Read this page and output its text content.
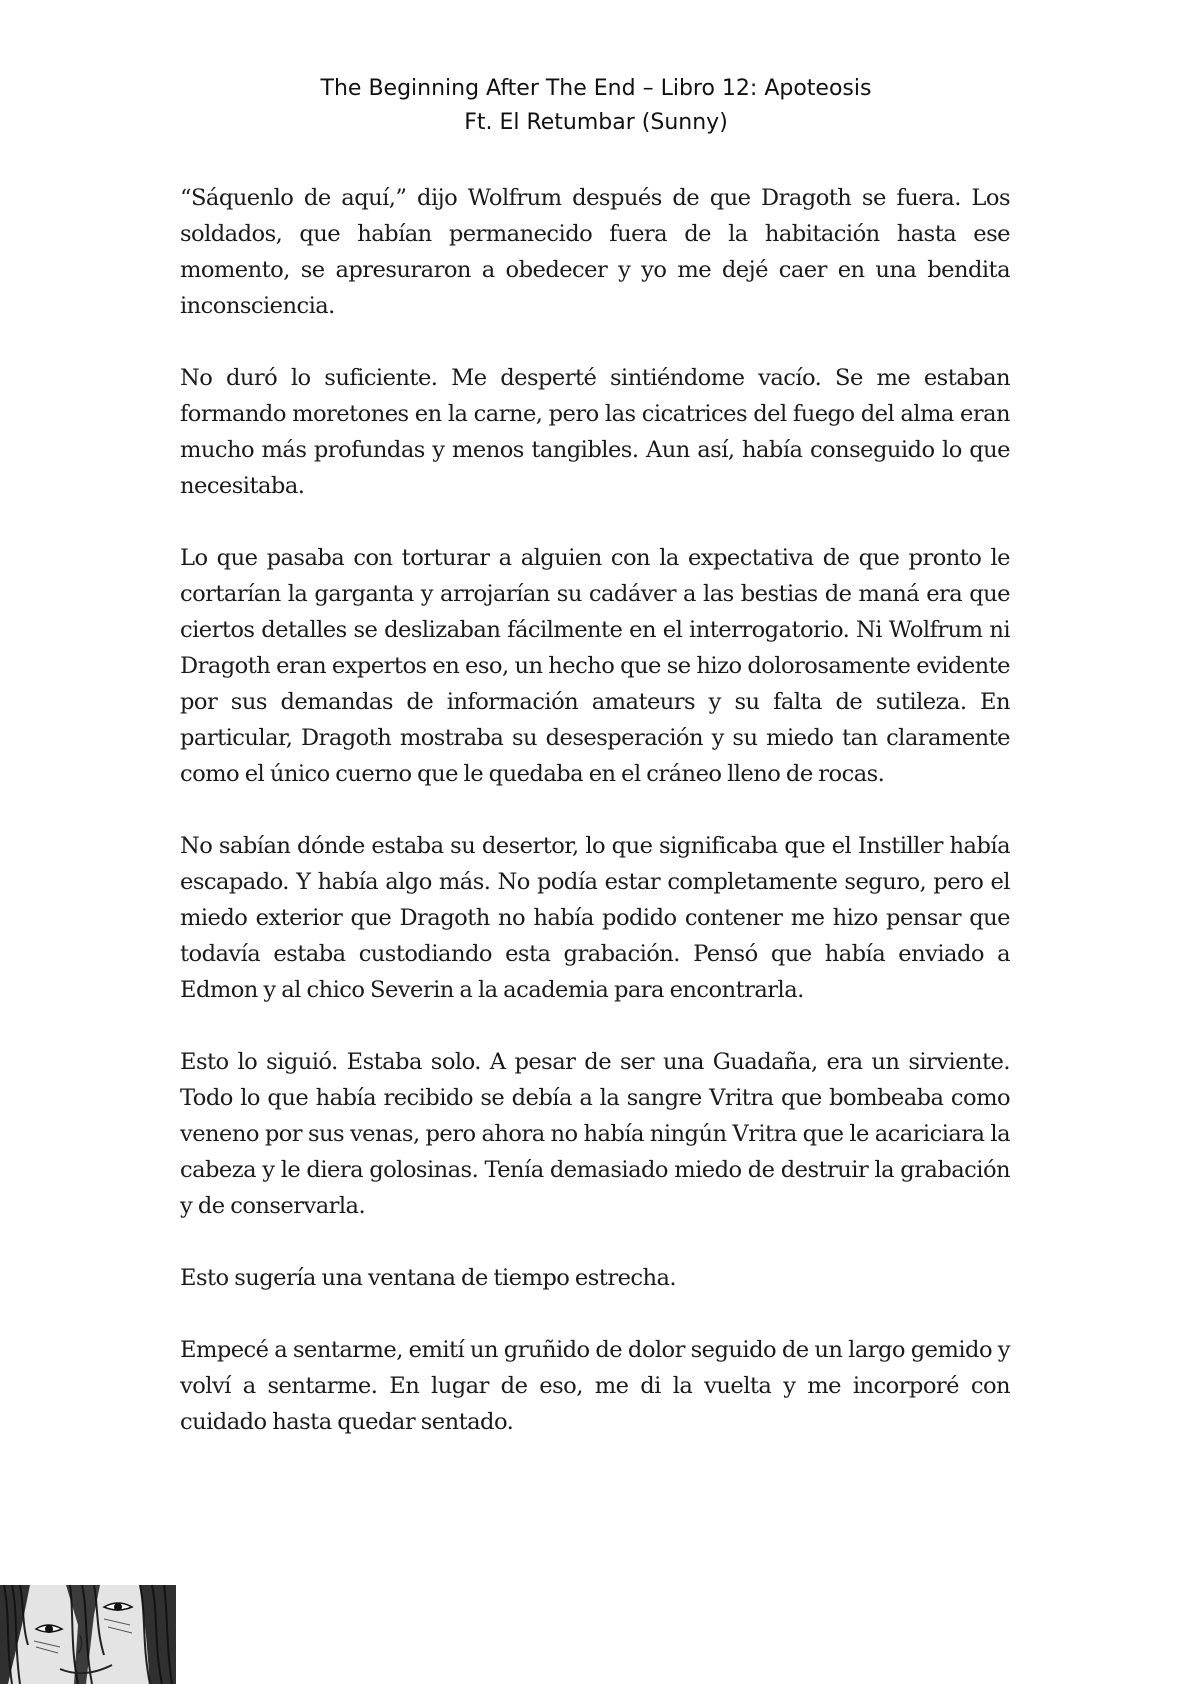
The Beginning After The End – Libro 12: Apoteosis
Ft. El Retumbar (Sunny)

“Sáquenlo de aquí,” dijo Wolfrum después de que Dragoth se fuera. Los soldados, que habían permanecido fuera de la habitación hasta ese momento, se apresuraron a obedecer y yo me dejé caer en una bendita inconsciencia.

No duró lo suficiente. Me desperté sintiéndome vacío. Se me estaban formando moretones en la carne, pero las cicatrices del fuego del alma eran mucho más profundas y menos tangibles. Aun así, había conseguido lo que necesitaba.

Lo que pasaba con torturar a alguien con la expectativa de que pronto le cortarían la garganta y arrojarían su cadáver a las bestias de maná era que ciertos detalles se deslizaban fácilmente en el interrogatorio. Ni Wolfrum ni Dragoth eran expertos en eso, un hecho que se hizo dolorosamente evidente por sus demandas de información amateurs y su falta de sutileza. En particular, Dragoth mostraba su desesperación y su miedo tan claramente como el único cuerno que le quedaba en el cráneo lleno de rocas.

No sabían dónde estaba su desertor, lo que significaba que el Instiller había escapado. Y había algo más. No podía estar completamente seguro, pero el miedo exterior que Dragoth no había podido contener me hizo pensar que todavía estaba custodiando esta grabación. Pensó que había enviado a Edmon y al chico Severin a la academia para encontrarla.

Esto lo siguió. Estaba solo. A pesar de ser una Guadaña, era un sirviente. Todo lo que había recibido se debía a la sangre Vritra que bombeaba como veneno por sus venas, pero ahora no había ningún Vritra que le acariciara la cabeza y le diera golosinas. Tenía demasiado miedo de destruir la grabación y de conservarla.

Esto sugería una ventana de tiempo estrecha.

Empecé a sentarme, emití un gruñido de dolor seguido de un largo gemido y volví a sentarme. En lugar de eso, me di la vuelta y me incorporé con cuidado hasta quedar sentado.
